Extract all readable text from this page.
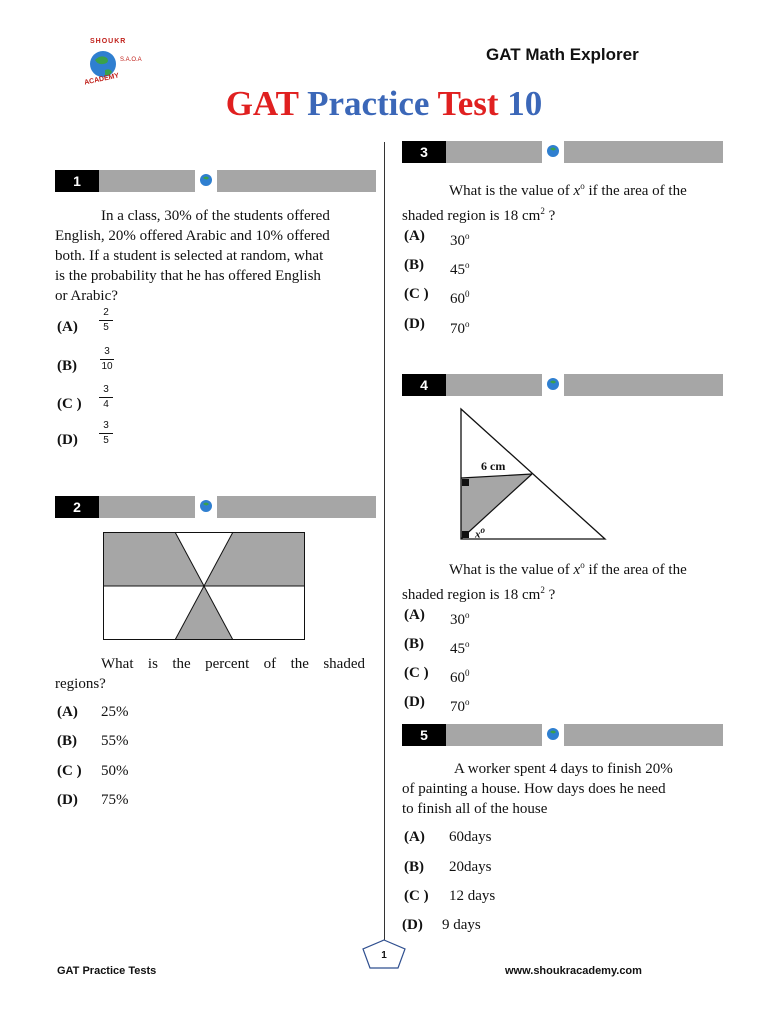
SHOUKR
ACADEMY
S.A.O.A	GAT Math Explorer
GAT Practice Test 10
1
In a class, 30% of the students offered
English, 20% offered Arabic and 10% offered
both. If a student is selected at random, what
is the probability that he has offered English
or Arabic?
$(A) \frac{2}{5}$
$(B) \frac{3}{10}$
(C ) $\frac{3}{4}$
$(D) \frac{3}{5}$
2
What is the percent of the shaded
regions?
(A) 25%
(B) 55%
(C ) 50%
(D) 75%
3
What is the value of $x^o$ if the area of the
shaded region is 18 $cm^2$ ?
(A) 30$^o$
(B) 45$^o$
(C ) $60^0$
(D) 70$^o$
4
6 cm
$x^o$
What is the value of $x^o$ if the area of the
shaded region is 18 $cm^2$ ?
(A) 30$^o$
(B) 45$^o$
(C ) $60^0$
(D) 70$^o$
5
A worker spent 4 days to finish 20%
of painting a house. How days does he need
to finish all of the house
(A) 60days
(B) 20days
(C ) 12 days
(D) 9 days
1
GAT Practice Tests	www.shoukracademy.com
